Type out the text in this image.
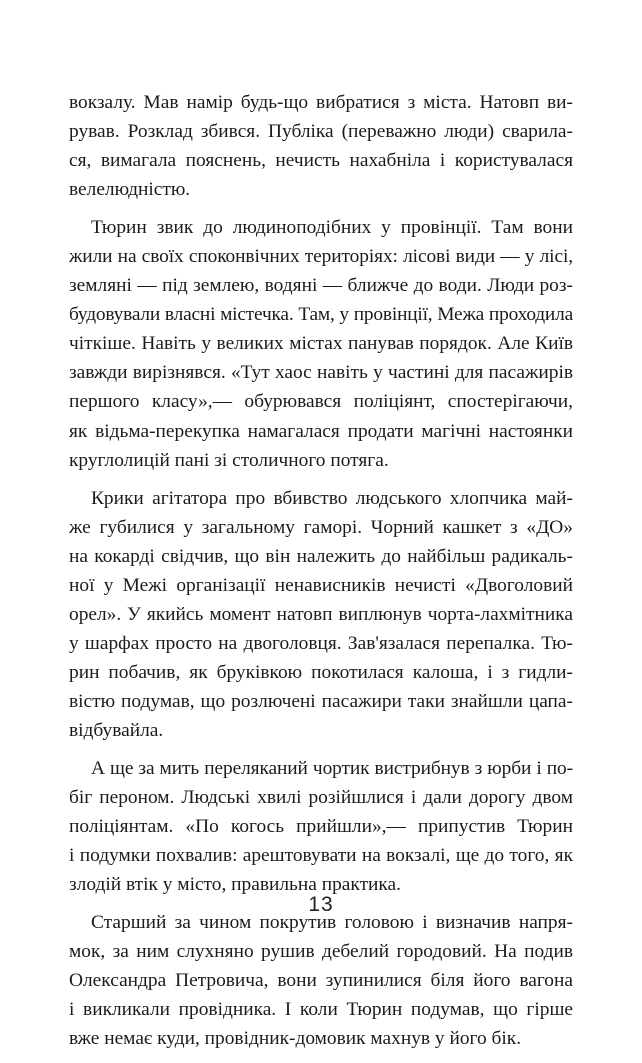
вокзалу. Мав намір будь-що вибратися з міста. Натовп ви-
рував. Розклад збився. Публіка (переважно люди) сварила-
ся, вимагала пояснень, нечисть нахабніла і користувалася
велелюдністю.
Тюрин звик до людиноподібних у провінції. Там вони
жили на своїх споконвічних територіях: лісові види — у лісі,
земляні — під землею, водяні — ближче до води. Люди роз-
будовували власні містечка. Там, у провінції, Межа проходила
чіткіше. Навіть у великих містах панував порядок. Але Київ
завжди вирізнявся. «Тут хаос навіть у частині для пасажирів
першого класу»,— обурювався поліціянт, спостерігаючи,
як відьма-перекупка намагалася продати магічні настоянки
круглолицій пані зі столичного потяга.
Крики агітатора про вбивство людського хлопчика май-
же губилися у загальному гаморі. Чорний кашкет з «ДО»
на кокарді свідчив, що він належить до найбільш радикаль-
ної у Межі організації ненависників нечисті «Двоголовий
орел». У якийсь момент натовп виплюнув чорта-лахмітника
у шарфах просто на двоголовця. Зав'язалася перепалка. Тю-
рин побачив, як бруківкою покотилася калоша, і з гидли-
вістю подумав, що розлючені пасажири таки знайшли цапа-
відбувайла.
А ще за мить переляканий чортик вистрибнув з юрби і по-
біг пероном. Людські хвилі розійшлися і дали дорогу двом
поліціянтам. «По когось прийшли»,— припустив Тюрин
і подумки похвалив: арештовувати на вокзалі, ще до того, як
злодій втік у місто, правильна практика.
Старший за чином покрутив головою і визначив напря-
мок, за ним слухняно рушив дебелий городовий. На подив
Олександра Петровича, вони зупинилися біля його вагона
і викликали провідника. І коли Тюрин подумав, що гірше
вже немає куди, провідник-домовик махнув у його бік.
13
